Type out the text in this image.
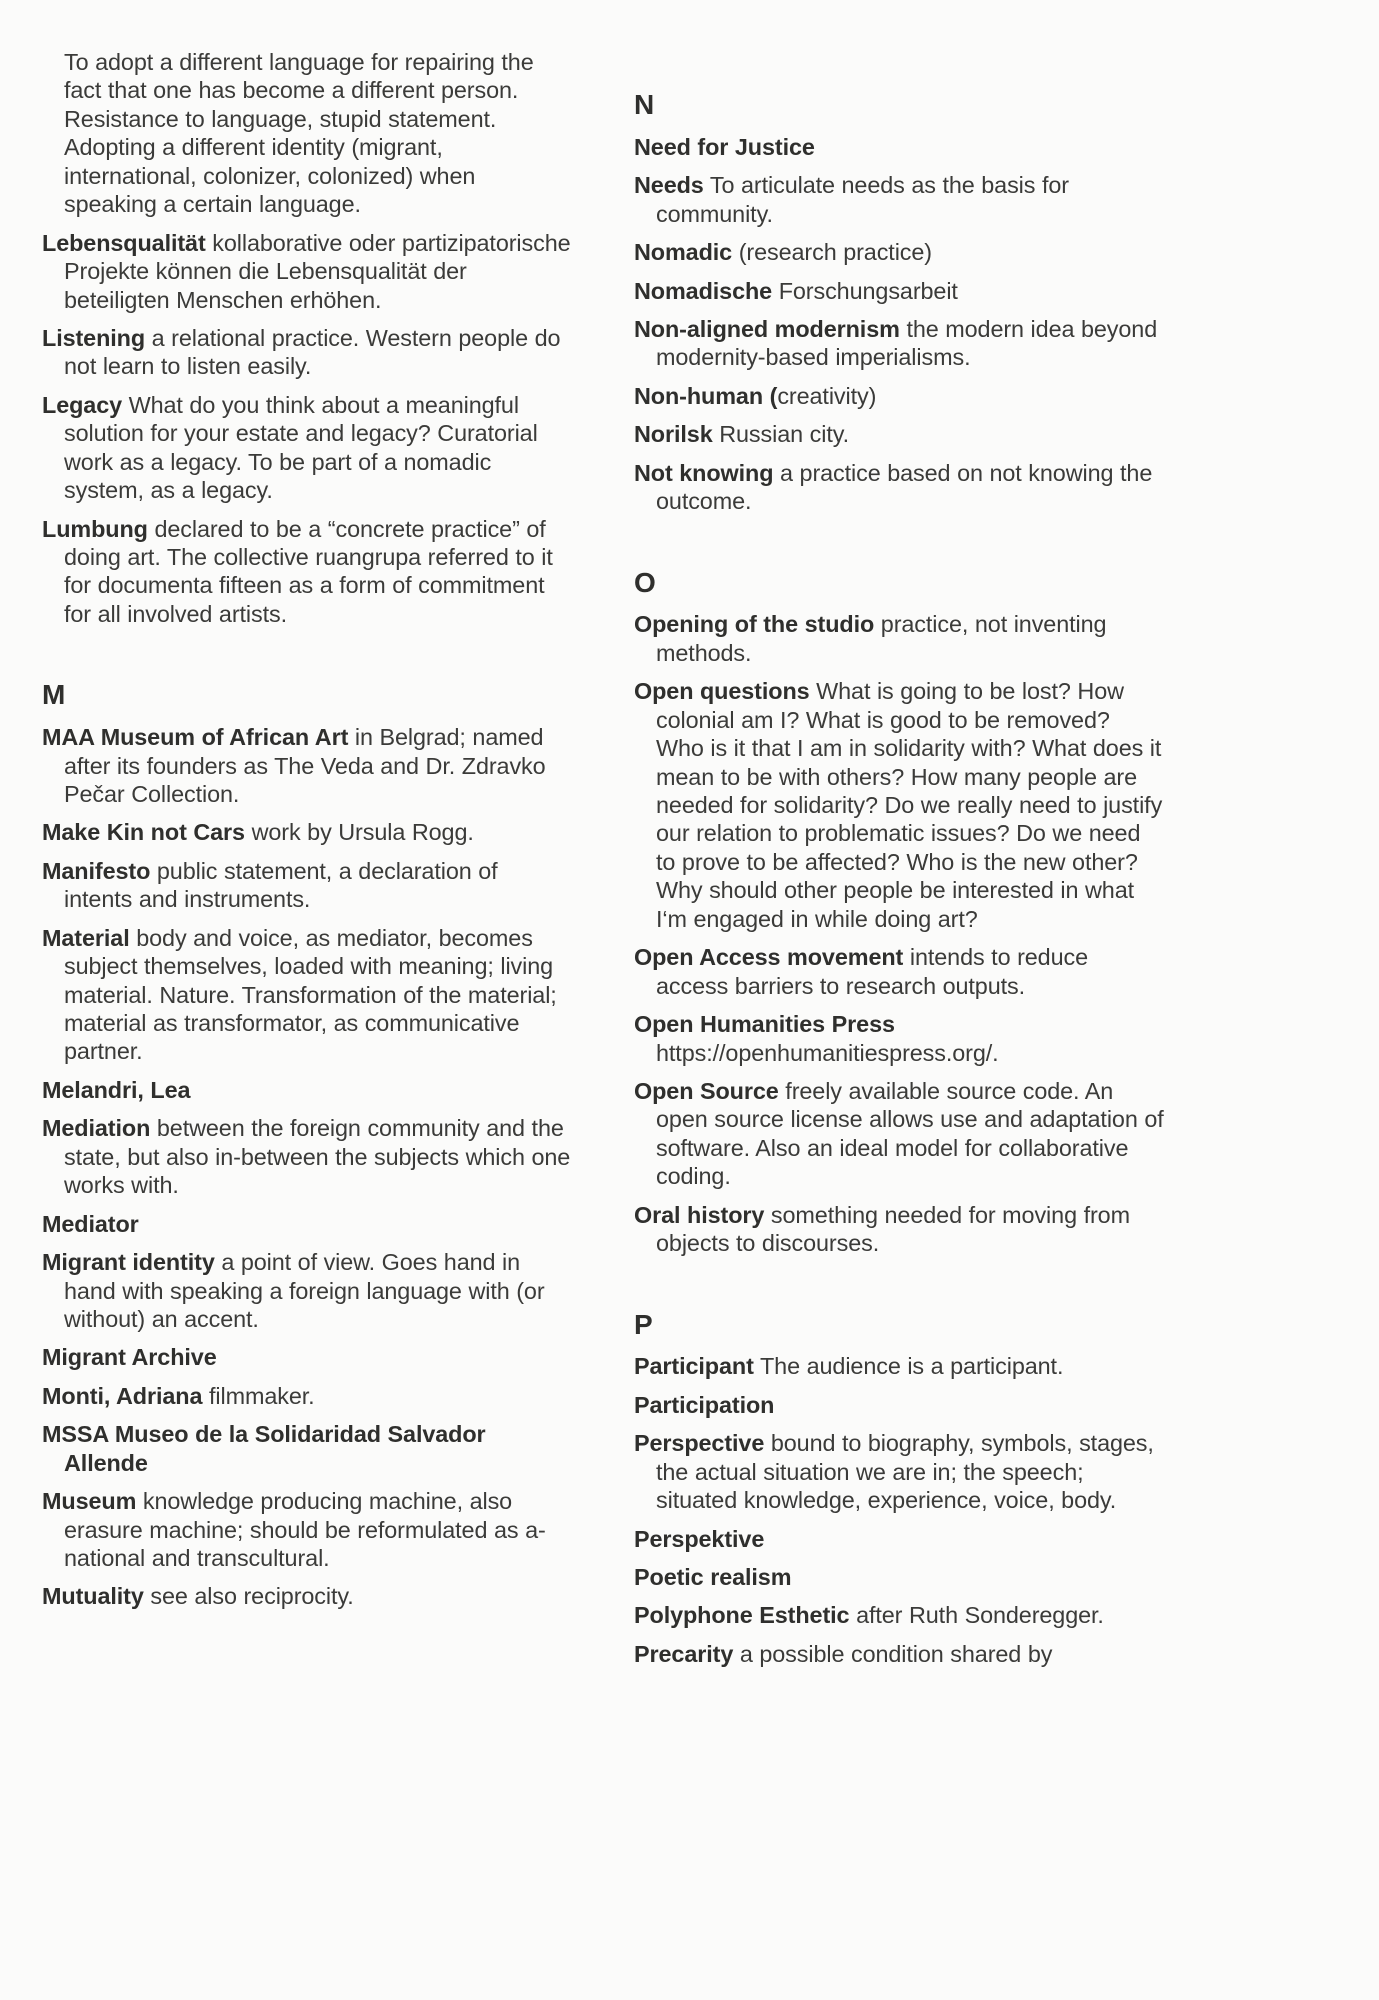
To adopt a different language for repairing the fact that one has become a different person. Resistance to language, stupid statement. Adopting a different identity (migrant, international, colonizer, colonized) when speaking a certain language.

Lebensqualität kollaborative oder partizipatorische Projekte können die Lebensqualität der beteiligten Menschen erhöhen.

Listening a relational practice. Western people do not learn to listen easily.

Legacy What do you think about a meaningful solution for your estate and legacy? Curatorial work as a legacy. To be part of a nomadic system, as a legacy.

Lumbung declared to be a “concrete practice” of doing art. The collective ruangrupa referred to it for documenta fifteen as a form of commitment for all involved artists.

M

MAA Museum of African Art in Belgrad; named after its founders as The Veda and Dr. Zdravko Pečar Collection.

Make Kin not Cars work by Ursula Rogg.

Manifesto public statement, a declaration of intents and instruments.

Material body and voice, as mediator, becomes subject themselves, loaded with meaning; living material. Nature. Transformation of the material; material as transformator, as communicative partner.

Melandri, Lea

Mediation between the foreign community and the state, but also in-between the subjects which one works with.

Mediator

Migrant identity a point of view. Goes hand in hand with speaking a foreign language with (or without) an accent.

Migrant Archive

Monti, Adriana filmmaker.

MSSA Museo de la Solidaridad Salvador Allende

Museum knowledge producing machine, also erasure machine; should be reformulated as a-national and transcultural.

Mutuality see also reciprocity.

N

Need for Justice

Needs To articulate needs as the basis for community.

Nomadic (research practice)

Nomadische Forschungsarbeit

Non-aligned modernism the modern idea beyond modernity-based imperialisms.

Non-human (creativity)

Norilsk Russian city.

Not knowing a practice based on not knowing the outcome.

O

Opening of the studio practice, not inventing methods.

Open questions What is going to be lost? How colonial am I? What is good to be removed? Who is it that I am in solidarity with? What does it mean to be with others? How many people are needed for solidarity? Do we really need to justify our relation to problematic issues? Do we need to prove to be affected? Who is the new other? Why should other people be interested in what I‘m engaged in while doing art?

Open Access movement intends to reduce access barriers to research outputs.

Open Humanities Press https://openhumanitiespress.org/.

Open Source freely available source code. An open source license allows use and adaptation of software. Also an ideal model for collaborative coding.

Oral history something needed for moving from objects to discourses.

P

Participant The audience is a participant.

Participation

Perspective bound to biography, symbols, stages, the actual situation we are in; the speech; situated knowledge, experience, voice, body.

Perspektive

Poetic realism

Polyphone Esthetic after Ruth Sonderegger.

Precarity a possible condition shared by
